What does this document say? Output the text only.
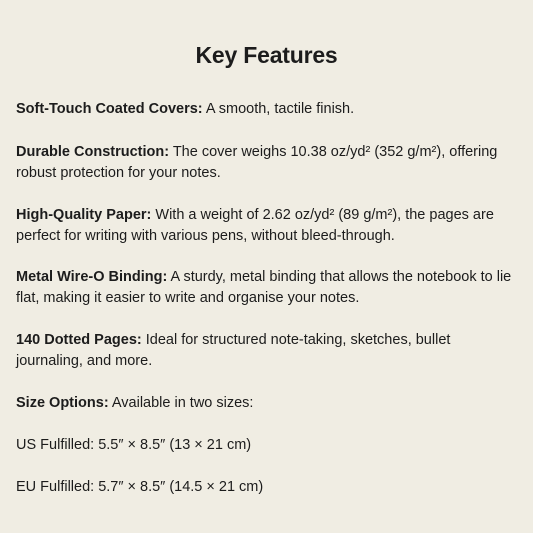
Key Features

Soft-Touch Coated Covers: A smooth, tactile finish.

Durable Construction: The cover weighs 10.38 oz/yd² (352 g/m²), offering robust protection for your notes.

High-Quality Paper: With a weight of 2.62 oz/yd² (89 g/m²), the pages are perfect for writing with various pens, without bleed-through.

Metal Wire-O Binding: A sturdy, metal binding that allows the notebook to lie flat, making it easier to write and organise your notes.

140 Dotted Pages: Ideal for structured note-taking, sketches, bullet journaling, and more.

Size Options: Available in two sizes:

US Fulfilled: 5.5″ × 8.5″ (13 × 21 cm)

EU Fulfilled: 5.7″ × 8.5″ (14.5 × 21 cm)
